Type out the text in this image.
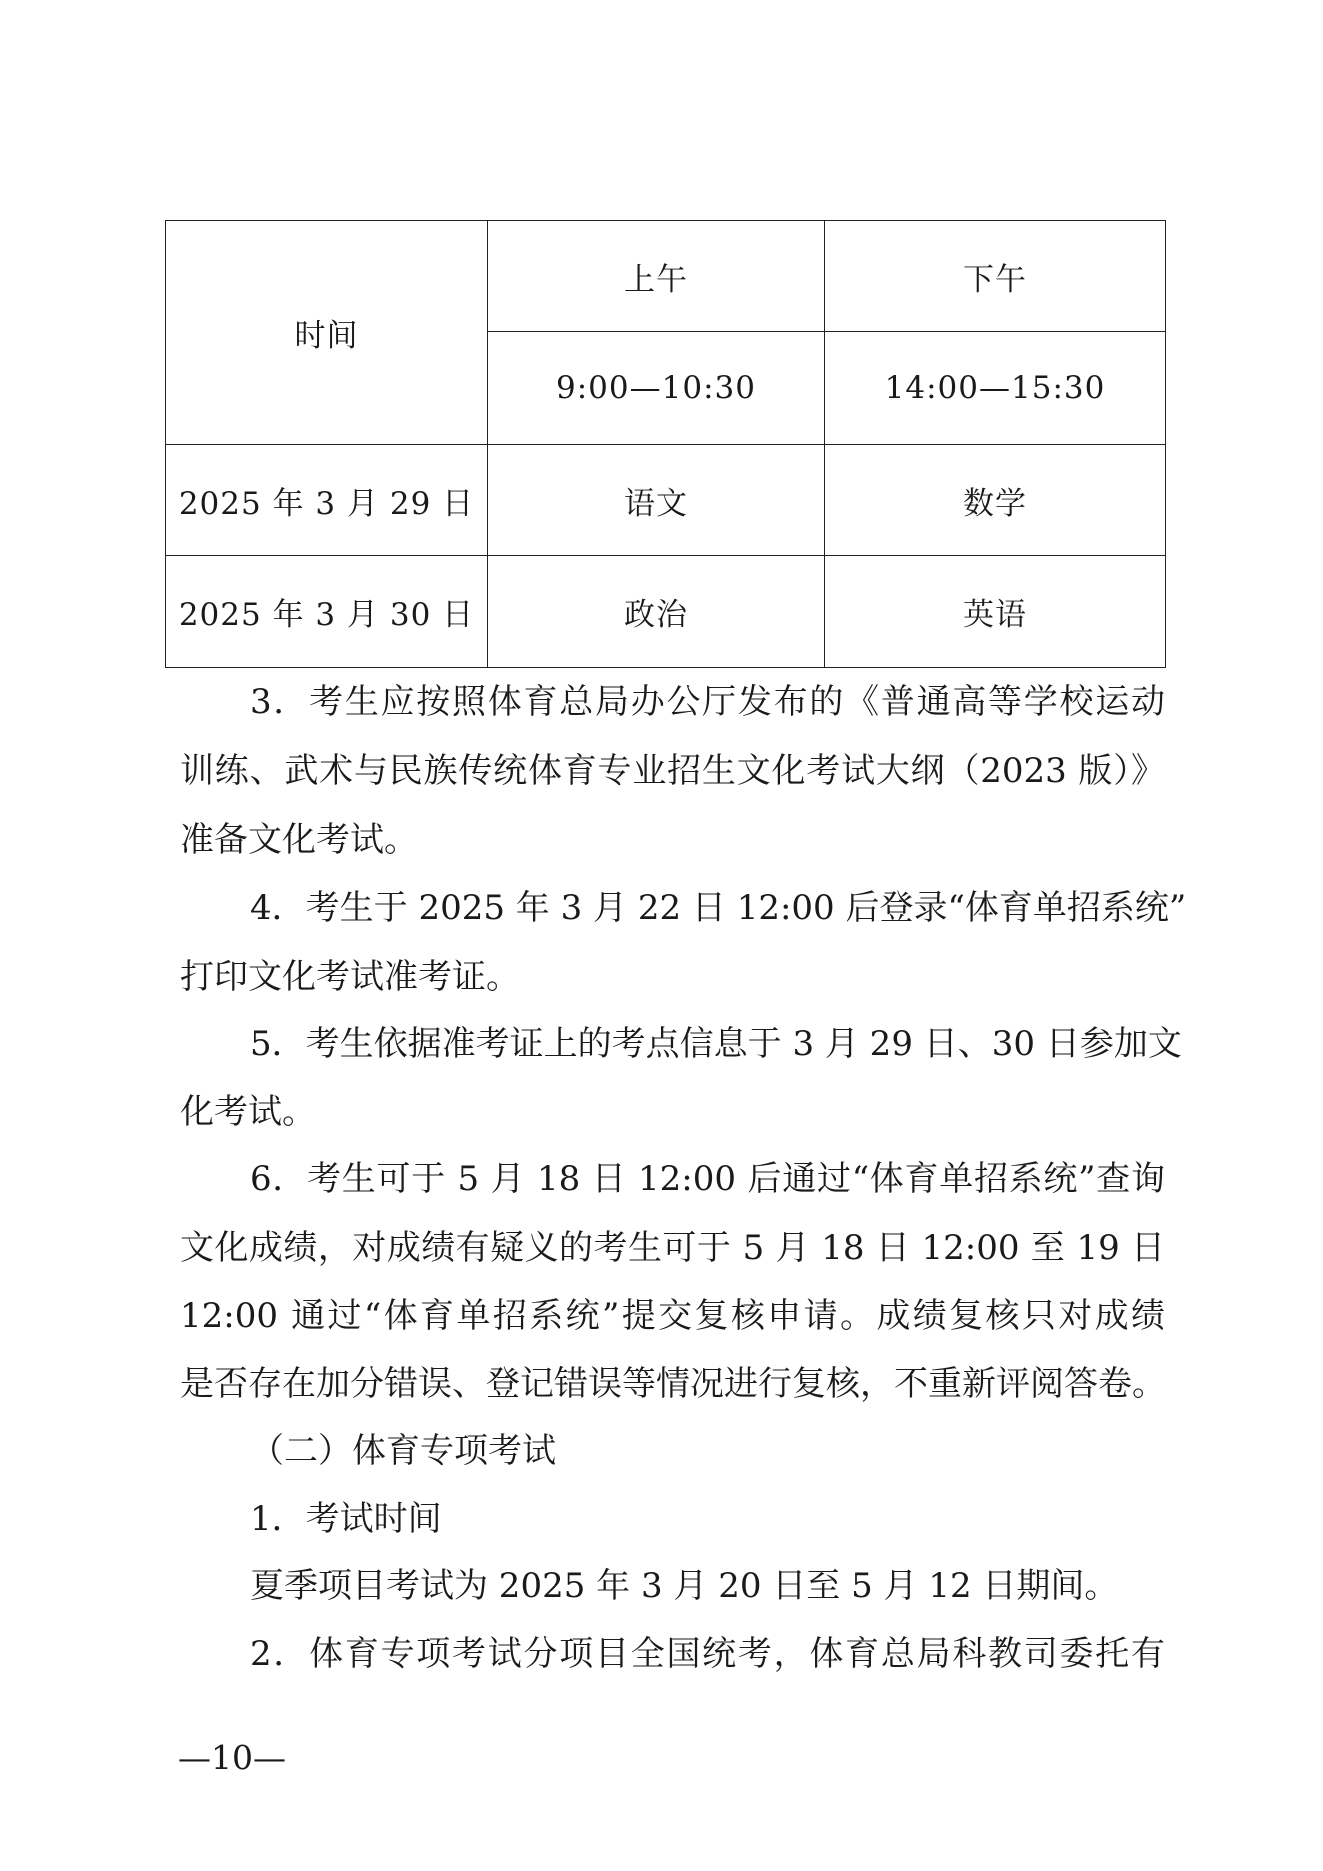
时间	上午	下午
	9:00—10:30	14:00—15:30
2025 年 3 月 29 日	语文	数学
2025 年 3 月 30 日	政治	英语
3．考生应按照体育总局办公厅发布的《普通高等学校运动
训练、武术与民族传统体育专业招生文化考试大纲（2023 版）》
准备文化考试。
4．考生于 2025 年 3 月 22 日 12:00 后登录“体育单招系统”
打印文化考试准考证。
5．考生依据准考证上的考点信息于 3 月 29 日、30 日参加文
化考试。
6．考生可于 5 月 18 日 12:00 后通过“体育单招系统”查询
文化成绩，对成绩有疑义的考生可于 5 月 18 日 12:00 至 19 日
12:00 通过“体育单招系统”提交复核申请。成绩复核只对成绩
是否存在加分错误、登记错误等情况进行复核，不重新评阅答卷。
（二）体育专项考试
1．考试时间
夏季项目考试为 2025 年 3 月 20 日至 5 月 12 日期间。
2．体育专项考试分项目全国统考，体育总局科教司委托有
—10—
